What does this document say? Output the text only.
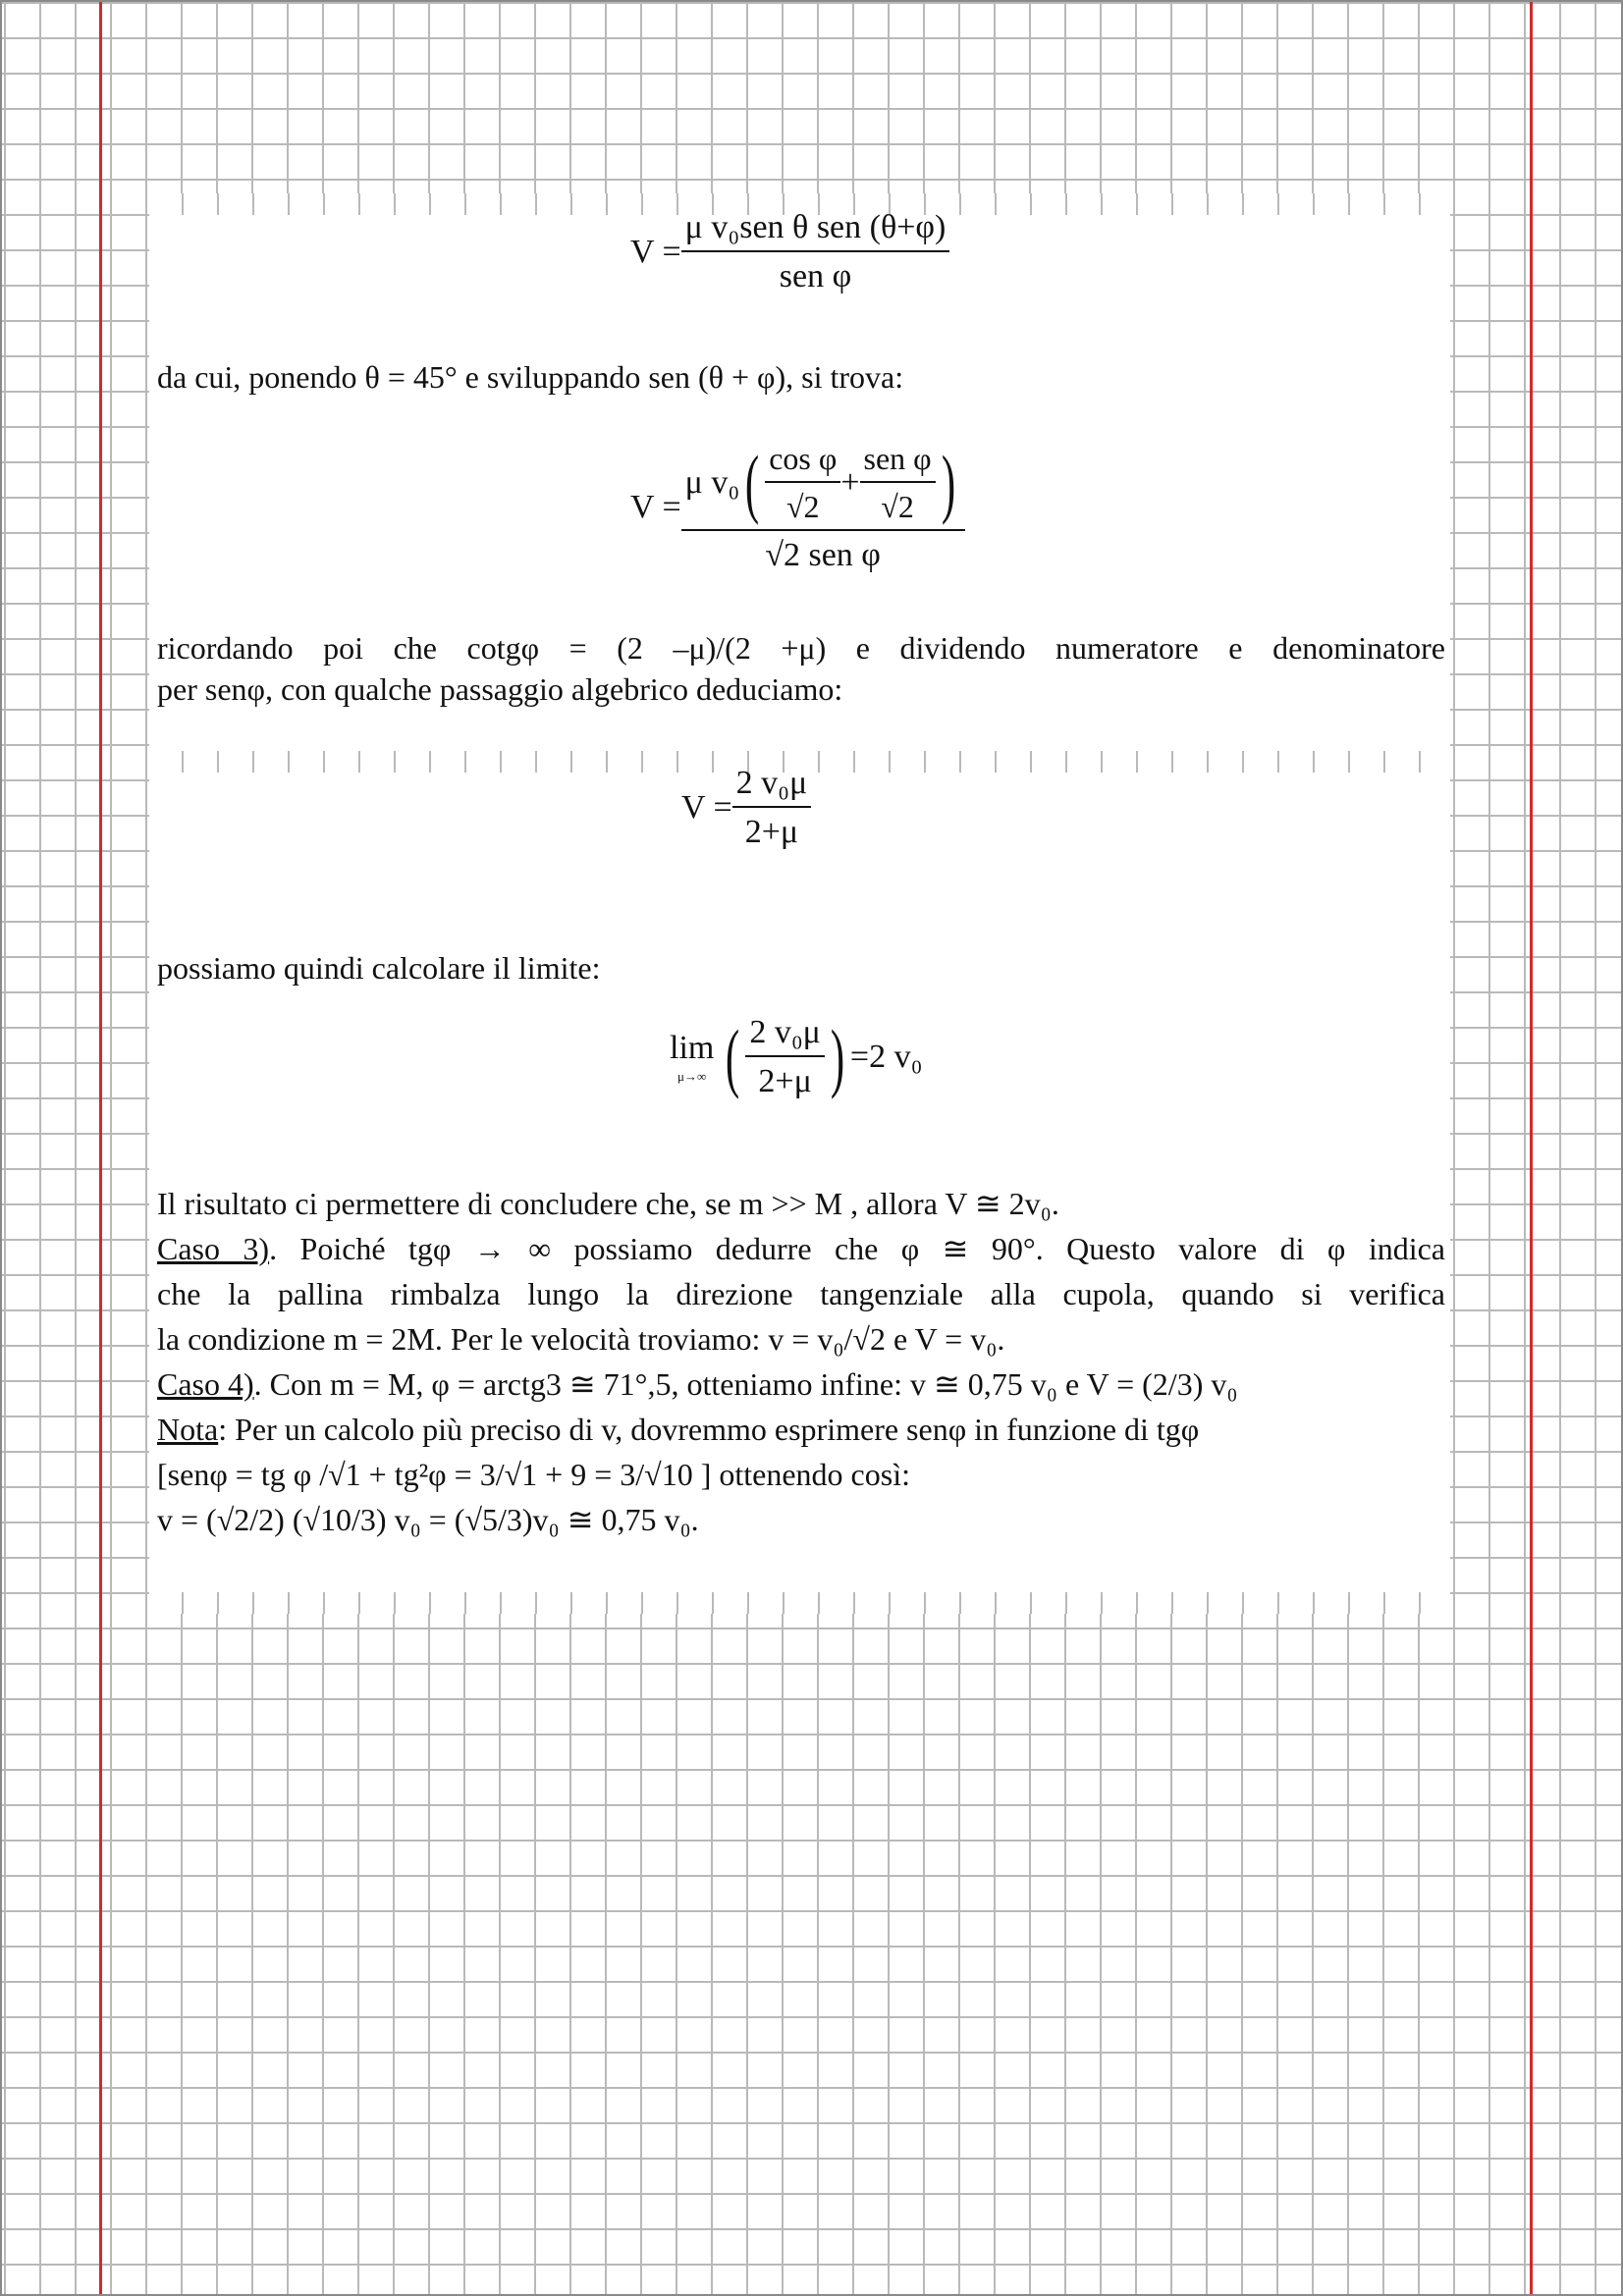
$V = \frac{\text{μ v₀sen θ sen (θ+φ)}}{\text{sen φ}}$
da cui, ponendo θ = 45° e sviluppando sen (θ + φ), si trova:
V =
μ v₀ ( $\frac{\text{cos φ}}{√2} + \frac{\text{sen φ}}{√2}$ )
√2 sen φ
ricordando poi che cotgφ = (2 –μ)/(2 +μ) e dividendo numeratore e denominatore
per senφ, con qualche passaggio algebrico deduciamo:
$V = \frac{\text{2 v₀μ}}{2+\mu}$
possiamo quindi calcolare il limite:
lim
μ→∞ ( $\frac{\text{2 v₀μ}}{2+\mu}$ ) =2 v₀
Il risultato ci permettere di concludere che, se m >> M , allora V ≅ 2v₀.
Caso 3). Poiché tgφ → ∞ possiamo dedurre che φ ≅ 90°. Questo valore di φ indica
che la pallina rimbalza lungo la direzione tangenziale alla cupola, quando si verifica
la condizione m = 2M. Per le velocità troviamo: v = v₀/√2 e V = v₀.
Caso 4). Con m = M, φ = arctg3 ≅ 71°,5, otteniamo infine: v ≅ 0,75 v₀ e V = (2/3) v₀
Nota: Per un calcolo più preciso di v, dovremmo esprimere senφ in funzione di tgφ
[senφ = tg φ /√1 + tg²φ = 3/√1 + 9 = 3/√10 ] ottenendo così:
v = (√2/2) (√10/3) v₀ = (√5/3)v₀ ≅ 0,75 v₀.
